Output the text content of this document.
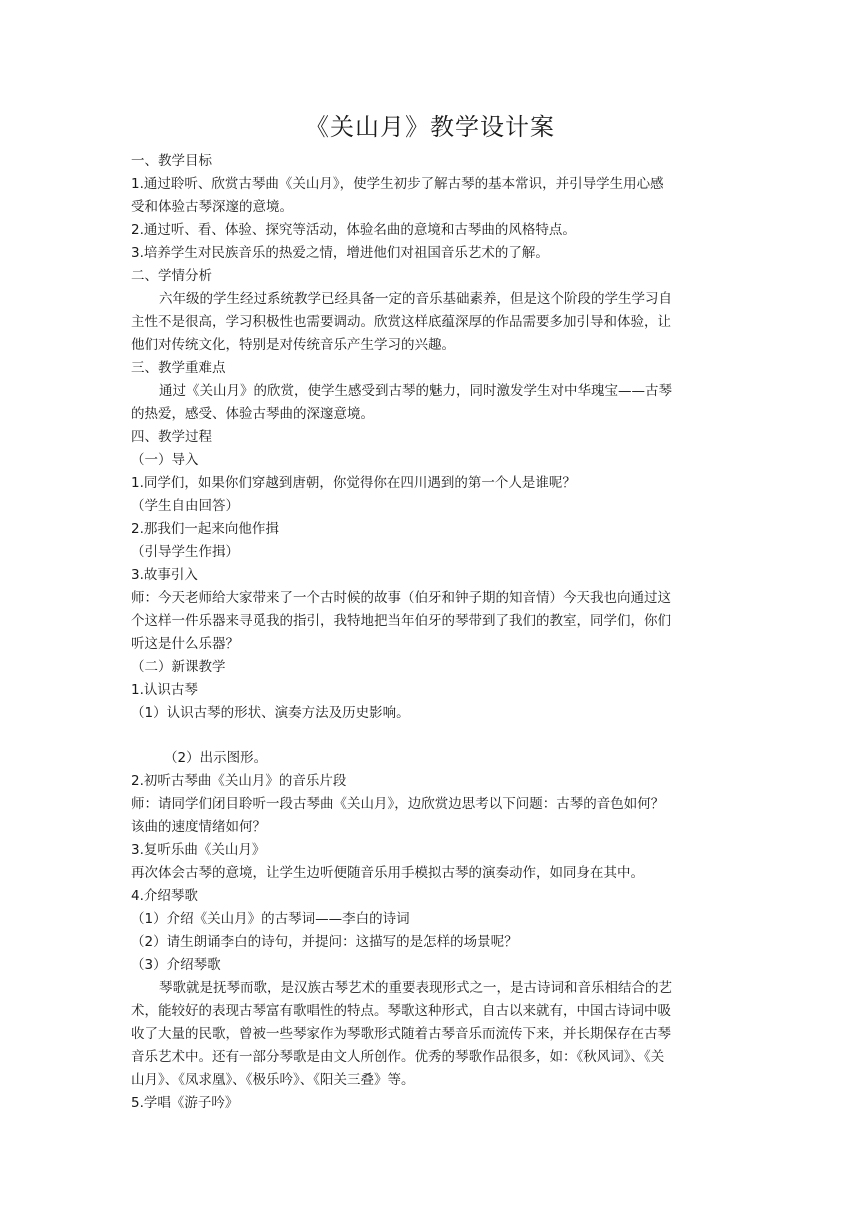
《关山月》教学设计案
一、教学目标
1.通过聆听、欣赏古琴曲《关山月》，使学生初步了解古琴的基本常识，并引导学生用心感
受和体验古琴深邃的意境。
2.通过听、看、体验、探究等活动，体验名曲的意境和古琴曲的风格特点。
3.培养学生对民族音乐的热爱之情，增进他们对祖国音乐艺术的了解。
二、学情分析
六年级的学生经过系统教学已经具备一定的音乐基础素养，但是这个阶段的学生学习自
主性不是很高，学习积极性也需要调动。欣赏这样底蕴深厚的作品需要多加引导和体验，让
他们对传统文化，特别是对传统音乐产生学习的兴趣。
三、教学重难点
通过《关山月》的欣赏，使学生感受到古琴的魅力，同时激发学生对中华瑰宝——古琴
的热爱，感受、体验古琴曲的深邃意境。
四、教学过程
（一）导入
1.同学们，如果你们穿越到唐朝，你觉得你在四川遇到的第一个人是谁呢？
（学生自由回答）
2.那我们一起来向他作揖
（引导学生作揖）
3.故事引入
师：今天老师给大家带来了一个古时候的故事（伯牙和钟子期的知音情）今天我也向通过这
个这样一件乐器来寻觅我的指引，我特地把当年伯牙的琴带到了我们的教室，同学们，你们
听这是什么乐器？
（二）新课教学
1.认识古琴
（1）认识古琴的形状、演奏方法及历史影响。
（2）出示图形。
2.初听古琴曲《关山月》的音乐片段
师：请同学们闭目聆听一段古琴曲《关山月》，边欣赏边思考以下问题：古琴的音色如何？
该曲的速度情绪如何？
3.复听乐曲《关山月》
再次体会古琴的意境，让学生边听便随音乐用手模拟古琴的演奏动作，如同身在其中。
4.介绍琴歌
（1）介绍《关山月》的古琴词——李白的诗词
（2）请生朗诵李白的诗句，并提问：这描写的是怎样的场景呢？
（3）介绍琴歌
琴歌就是抚琴而歌，是汉族古琴艺术的重要表现形式之一，是古诗词和音乐相结合的艺
术，能较好的表现古琴富有歌唱性的特点。琴歌这种形式，自古以来就有，中国古诗词中吸
收了大量的民歌，曾被一些琴家作为琴歌形式随着古琴音乐而流传下来，并长期保存在古琴
音乐艺术中。还有一部分琴歌是由文人所创作。优秀的琴歌作品很多，如：《秋风词》、《关
山月》、《凤求凰》、《极乐吟》、《阳关三叠》等。
5.学唱《游子吟》
